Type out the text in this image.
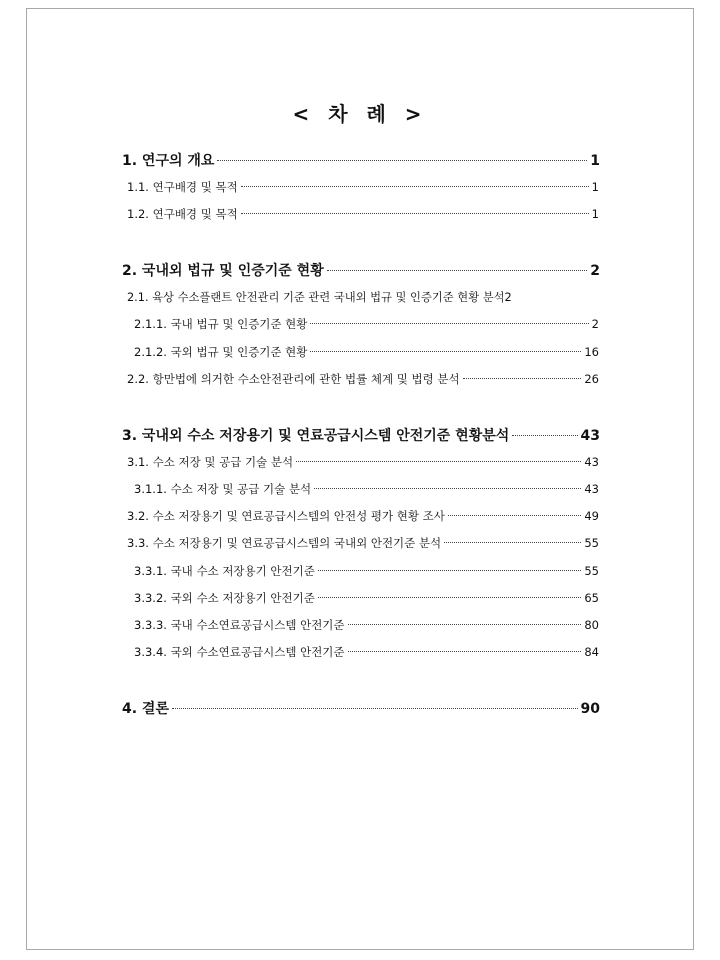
< 차 례 >
1. 연구의 개요	1
1.1. 연구배경 및 목적	1
1.2. 연구배경 및 목적	1
2. 국내외 법규 및 인증기준 현황	2
2.1. 육상 수소플랜트 안전관리 기준 관련 국내외 법규 및 인증기준 현황 분석 2
2.1.1. 국내 법규 및 인증기준 현황	2
2.1.2. 국외 법규 및 인증기준 현황	16
2.2. 항만법에 의거한 수소안전관리에 관한 법률 체계 및 법령 분석	26
3. 국내외 수소 저장용기 및 연료공급시스템 안전기준 현황분석	43
3.1. 수소 저장 및 공급 기술 분석	43
3.1.1. 수소 저장 및 공급 기술 분석	43
3.2. 수소 저장용기 및 연료공급시스템의 안전성 평가 현황 조사	49
3.3. 수소 저장용기 및 연료공급시스템의 국내외 안전기준 분석	55
3.3.1. 국내 수소 저장용기 안전기준	55
3.3.2. 국외 수소 저장용기 안전기준	65
3.3.3. 국내 수소연료공급시스템 안전기준	80
3.3.4. 국외 수소연료공급시스템 안전기준	84
4. 결론	90
